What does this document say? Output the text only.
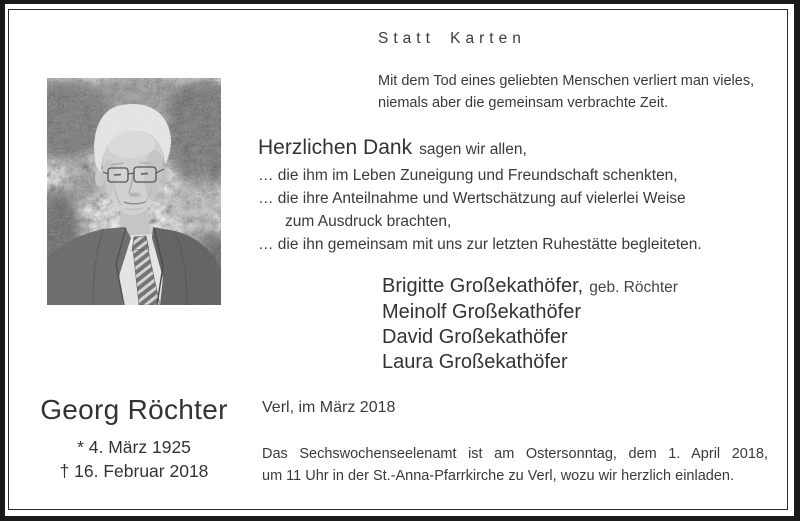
Statt Karten
Mit dem Tod eines geliebten Menschen verliert man vieles,
niemals aber die gemeinsam verbrachte Zeit.
Herzlichen Dank sagen wir allen,
… die ihm im Leben Zuneigung und Freundschaft schenkten,
… die ihre Anteilnahme und Wertschätzung auf vielerlei Weise
zum Ausdruck brachten,
… die ihn gemeinsam mit uns zur letzten Ruhestätte begleiteten.
Brigitte Großekathöfer, geb. Röchter
Meinolf Großekathöfer
David Großekathöfer
Laura Großekathöfer
Verl, im März 2018
Georg Röchter
* 4. März 1925
† 16. Februar 2018
Das Sechswochenseelenamt ist am Ostersonntag, dem 1. April 2018,
um 11 Uhr in der St.-Anna-Pfarrkirche zu Verl, wozu wir herzlich einladen.
